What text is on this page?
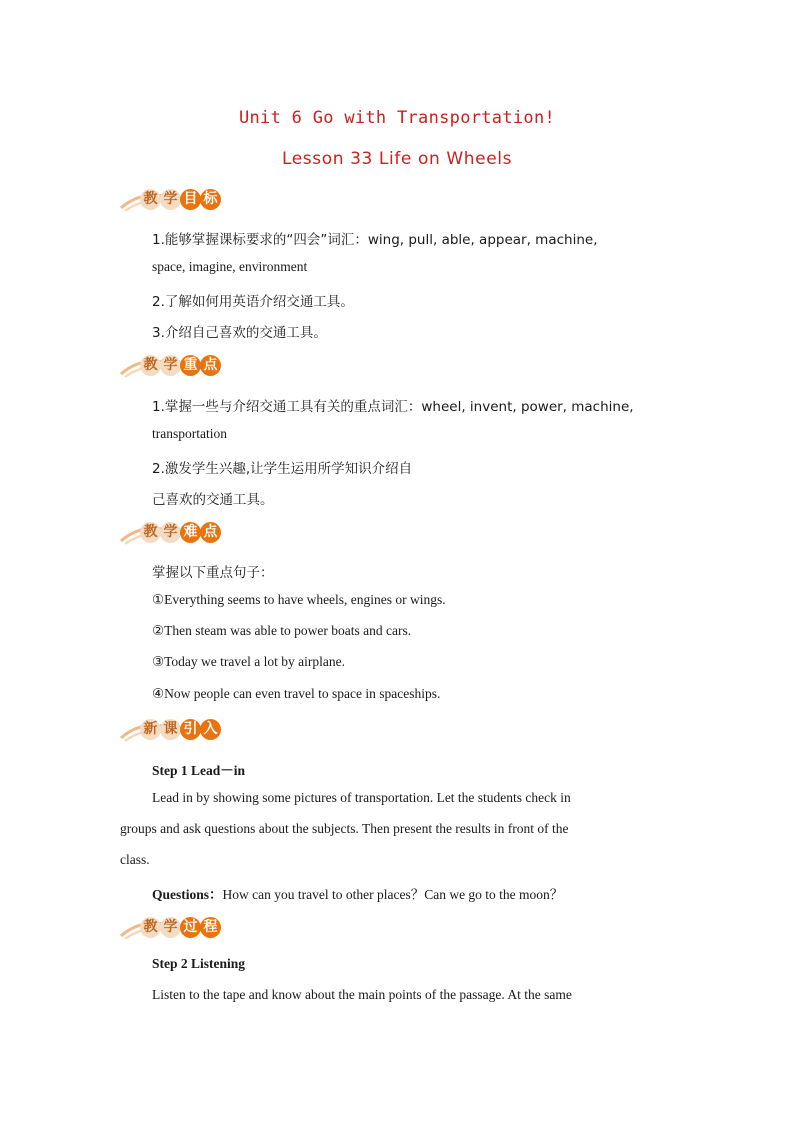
Unit 6 Go with Transportation!
Lesson 33 Life on Wheels
教 学 目 标
1.能够掌握课标要求的“四会”词汇：wing, pull, able, appear, machine,
space, imagine, environment
2.了解如何用英语介绍交通工具。
3.介绍自己喜欢的交通工具。
教 学 重 点
1.掌握一些与介绍交通工具有关的重点词汇：wheel, invent, power, machine,
transportation
2.激发学生兴趣,让学生运用所学知识介绍自
己喜欢的交通工具。
教 学 难 点
掌握以下重点句子：
①Everything seems to have wheels, engines or wings.
②Then steam was able to power boats and cars.
③Today we travel a lot by airplane.
④Now people can even travel to space in spaceships.
新 课 引 入
Step 1 Lead－in
Lead in by showing some pictures of transportation. Let the students check in
groups and ask questions about the subjects. Then present the results in front of the
class.
Questions：How can you travel to other places？Can we go to the moon？
教 学 过 程
Step 2 Listening
Listen to the tape and know about the main points of the passage. At the same
